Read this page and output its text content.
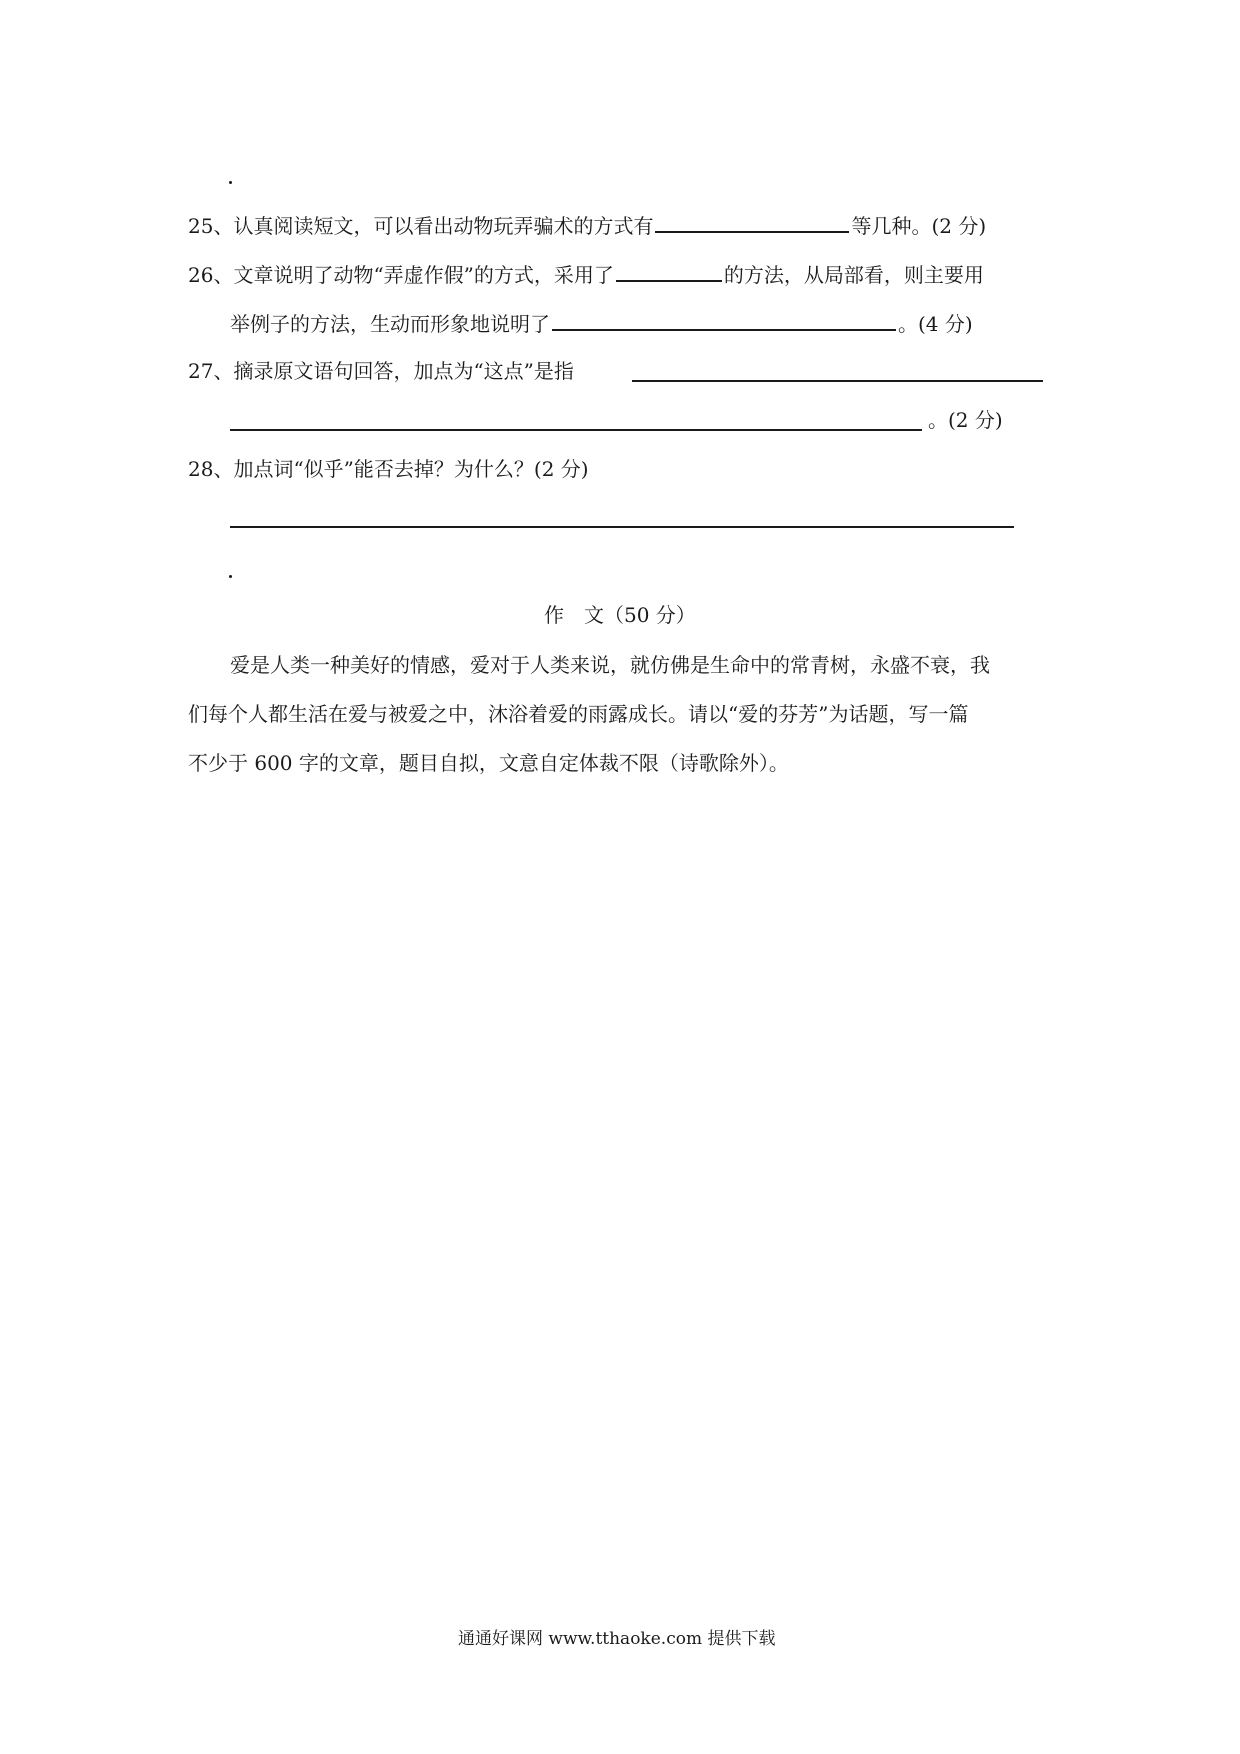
25、认真阅读短文，可以看出动物玩弄骗术的方式有	等几种。(2 分)
26、文章说明了动物“弄虚作假”的方式，采用了	的方法，从局部看，则主要用
举例子的方法，生动而形象地说明了	。(4 分)
27、摘录原文语句回答，加点为“这点”是指
。(2 分)
28、加点词“似乎”能否去掉？为什么？(2 分)
作 文（50 分）
爱是人类一种美好的情感，爱对于人类来说，就仿佛是生命中的常青树，永盛不衰，我
们每个人都生活在爱与被爱之中，沐浴着爱的雨露成长。请以“爱的芬芳”为话题，写一篇
不少于 600 字的文章，题目自拟，文意自定体裁不限（诗歌除外）。
通通好课网 www.tthaoke.com 提供下载
